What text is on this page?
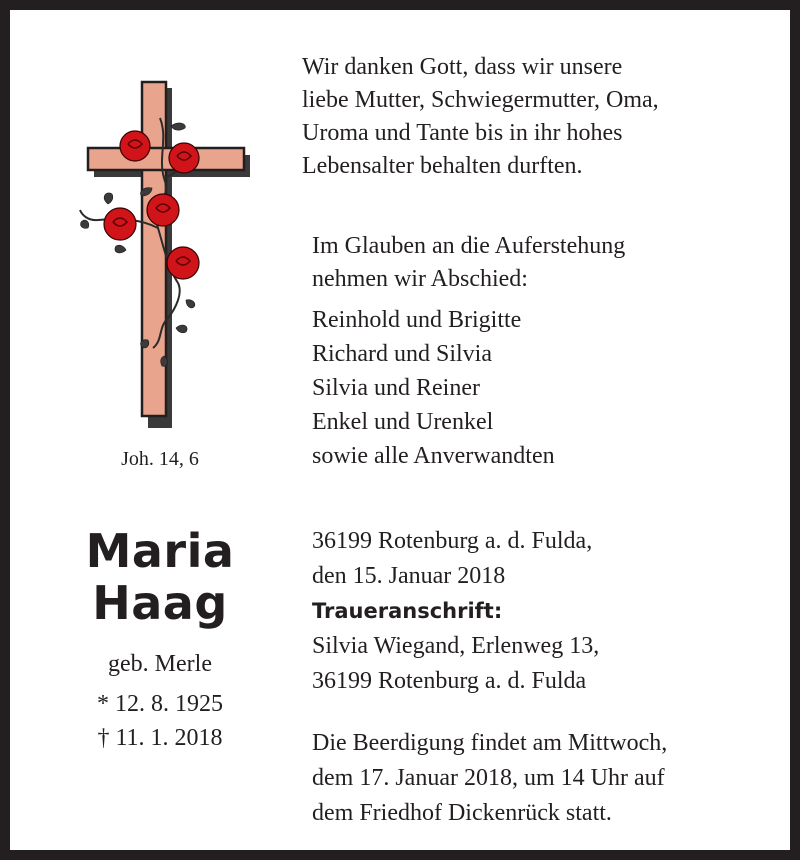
Joh. 14, 6
Maria
Haag
geb. Merle
* 12. 8. 1925
† 11. 1. 2018
Wir danken Gott, dass wir unsere
liebe Mutter, Schwiegermutter, Oma,
Uroma und Tante bis in ihr hohes
Lebensalter behalten durften.
Im Glauben an die Auferstehung
nehmen wir Abschied:
Reinhold und Brigitte
Richard und Silvia
Silvia und Reiner
Enkel und Urenkel
sowie alle Anverwandten
36199 Rotenburg a. d. Fulda,
den 15. Januar 2018
Traueranschrift:
Silvia Wiegand, Erlenweg 13,
36199 Rotenburg a. d. Fulda
Die Beerdigung findet am Mittwoch,
dem 17. Januar 2018, um 14 Uhr auf
dem Friedhof Dickenrück statt.
